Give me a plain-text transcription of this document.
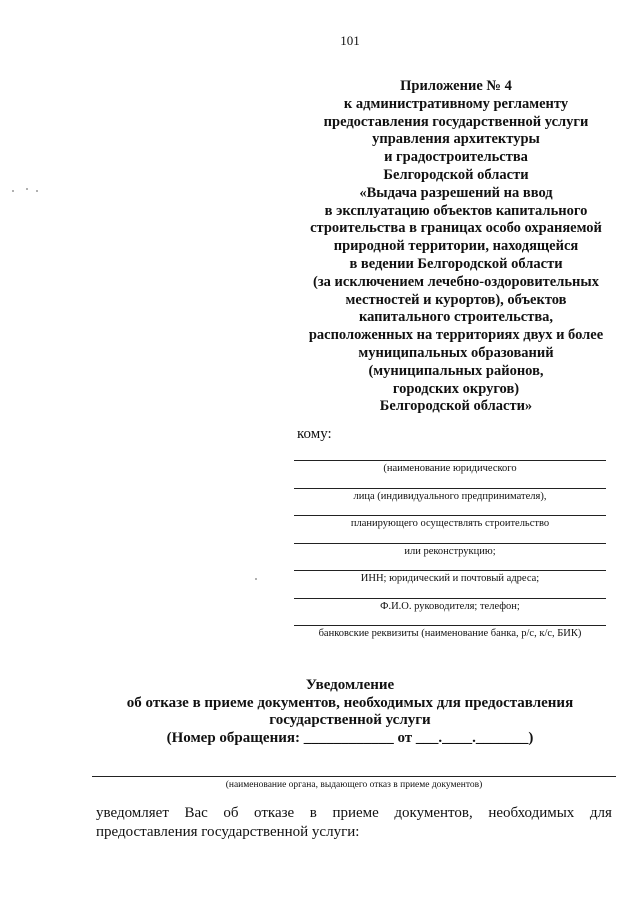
101
Приложение № 4
к административному регламенту
предоставления государственной услуги
управления архитектуры
и градостроительства
Белгородской области
«Выдача разрешений на ввод
в эксплуатацию объектов капитального
строительства в границах особо охраняемой
природной территории, находящейся
в ведении Белгородской области
(за исключением лечебно-оздоровительных
местностей и курортов), объектов
капитального строительства,
расположенных на территориях двух и более
муниципальных образований
(муниципальных районов,
городских округов)
Белгородской области»
кому:
(наименование юридического
лица (индивидуального предпринимателя),
планирующего осуществлять строительство
или реконструкцию;
ИНН; юридический и почтовый адреса;
Ф.И.О. руководителя; телефон;
банковские реквизиты (наименование банка, р/с, к/с, БИК)
Уведомление
об отказе в приеме документов, необходимых для предоставления
государственной услуги
(Номер обращения: ____________ от ___.____._______)
(наименование органа, выдающего отказ в приеме документов)
уведомляет Вас об отказе в приеме документов, необходимых для
предоставления государственной услуги:
